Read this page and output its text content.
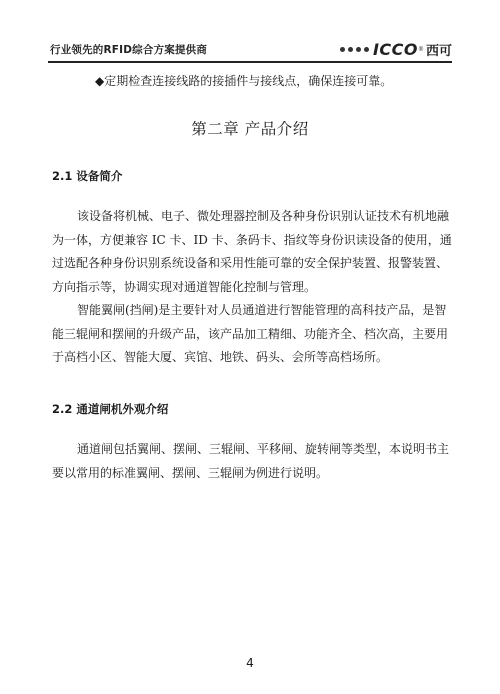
行业领先的RFID综合方案提供商	ICCO ® 西可
◆定期检查连接线路的接插件与接线点，确保连接可靠。
第二章 产品介绍
2.1 设备简介
该设备将机械、电子、微处理器控制及各种身份识别认证技术有机地融
为一体，方便兼容 IC 卡、ID 卡、条码卡、指纹等身份识读设备的使用，通
过选配各种身份识别系统设备和采用性能可靠的安全保护装置、报警装置、
方向指示等，协调实现对通道智能化控制与管理。
智能翼闸(挡闸)是主要针对人员通道进行智能管理的高科技产品，是智
能三辊闸和摆闸的升级产品，该产品加工精细、功能齐全、档次高，主要用
于高档小区、智能大厦、宾馆、地铁、码头、会所等高档场所。
2.2 通道闸机外观介绍
通道闸包括翼闸、摆闸、三辊闸、平移闸、旋转闸等类型，本说明书主
要以常用的标准翼闸、摆闸、三辊闸为例进行说明。
4
